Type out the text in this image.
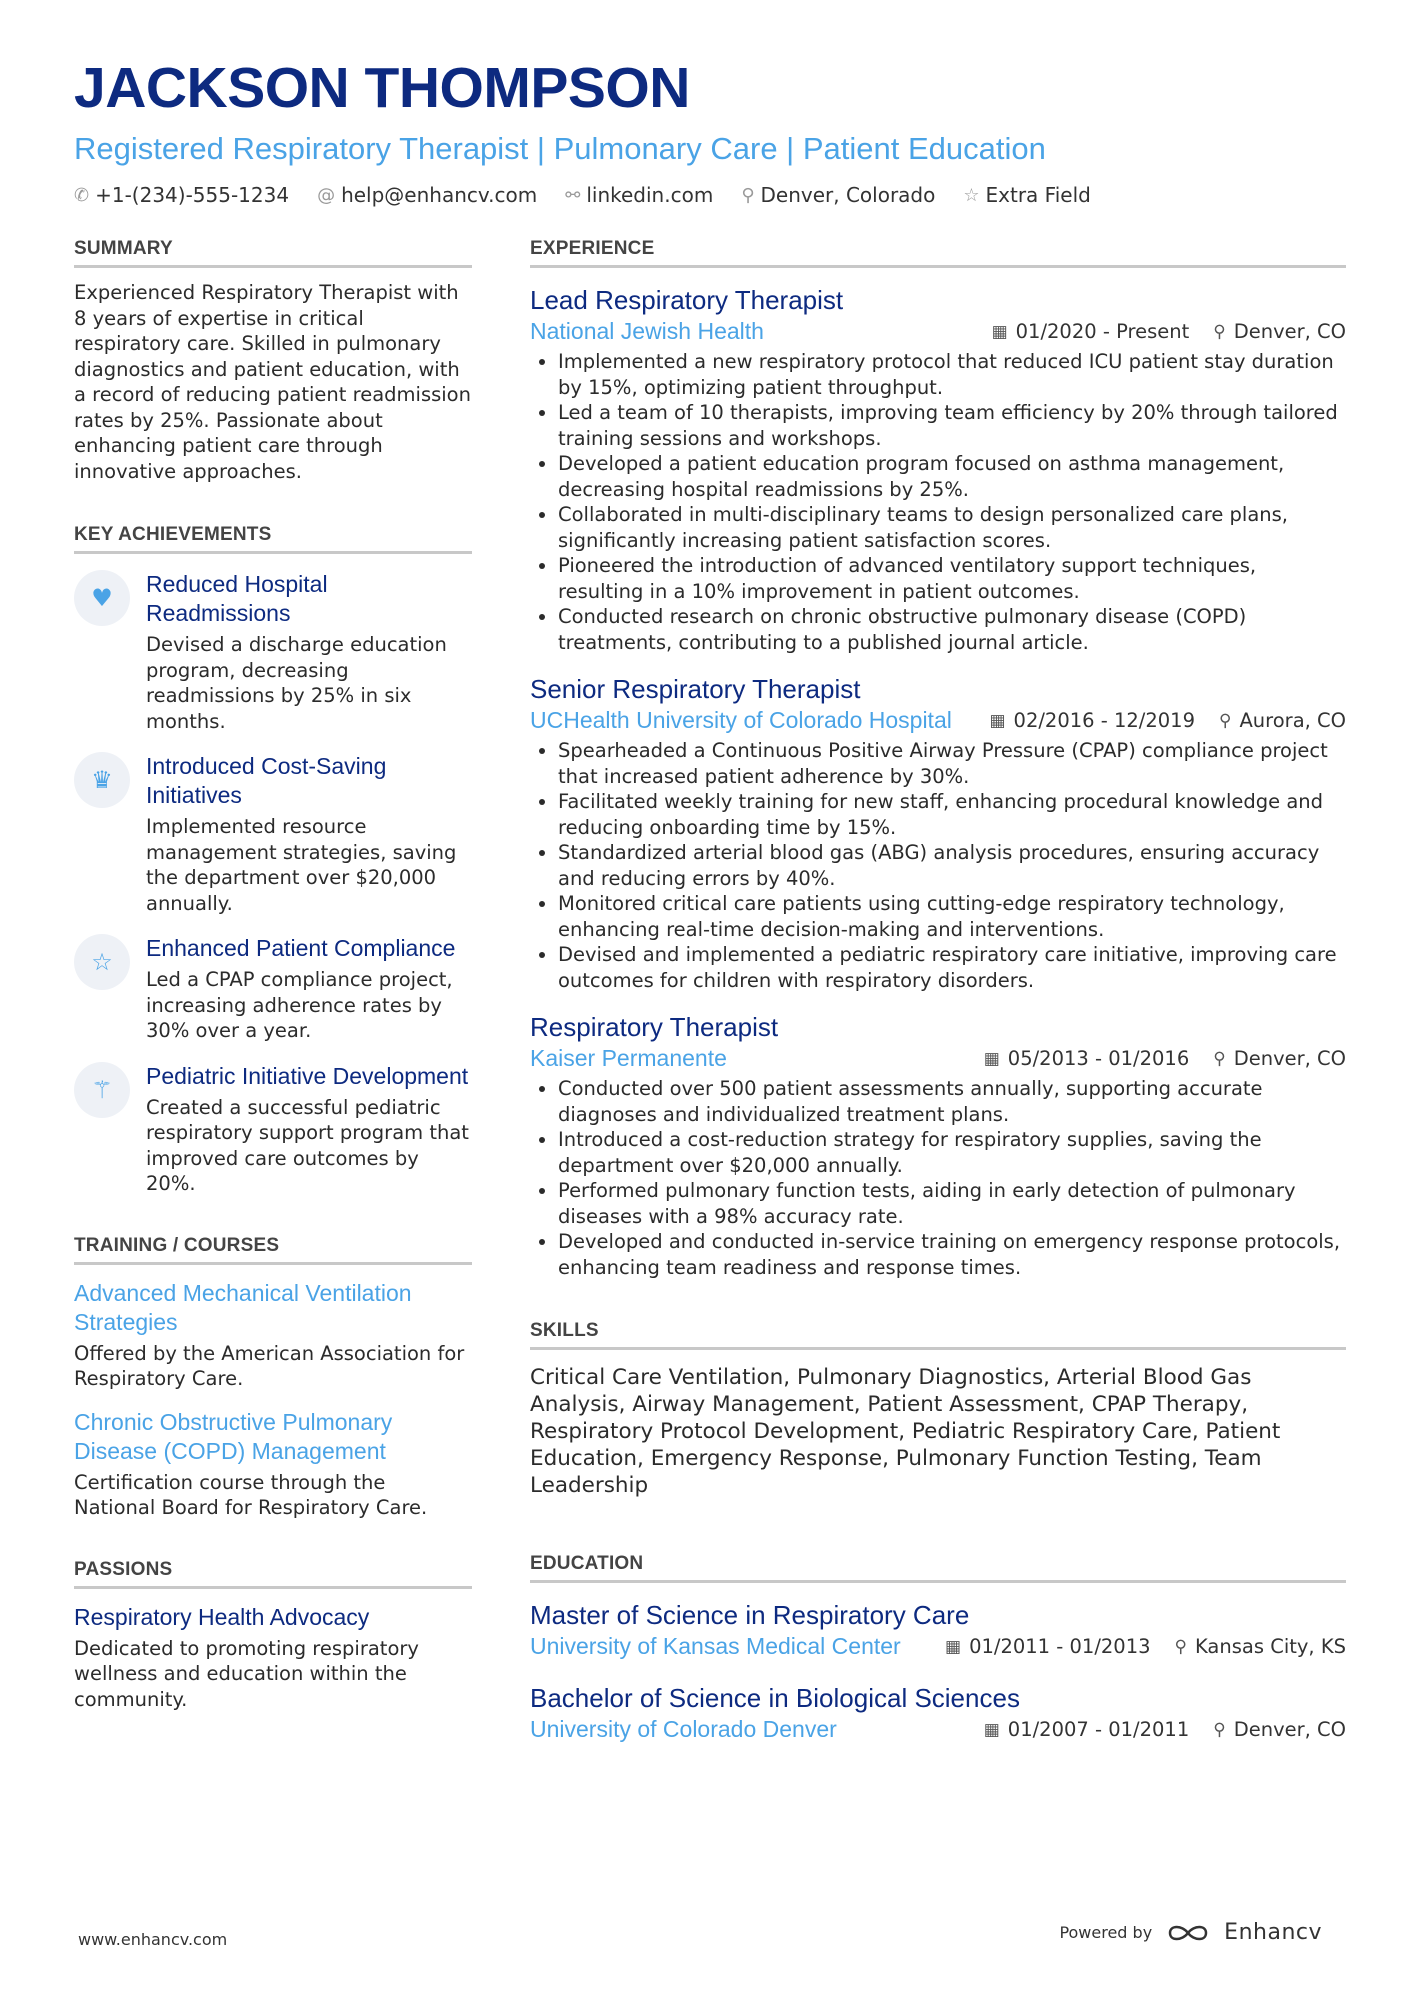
JACKSON THOMPSON
Registered Respiratory Therapist | Pulmonary Care | Patient Education
✆ +1-(234)-555-1234 @ help@enhancv.com ⚯ linkedin.com ⚲ Denver, Colorado ☆ Extra Field
SUMMARY
Experienced Respiratory Therapist with 8 years of expertise in critical respiratory care. Skilled in pulmonary diagnostics and patient education, with a record of reducing patient readmission rates by 25%. Passionate about enhancing patient care through innovative approaches.
KEY ACHIEVEMENTS
♥	Reduced Hospital Readmissions
Devised a discharge education program, decreasing readmissions by 25% in six months.
♛	Introduced Cost-Saving Initiatives
Implemented resource management strategies, saving the department over $20,000 annually.
☆	Enhanced Patient Compliance
Led a CPAP compliance project, increasing adherence rates by 30% over a year.
⚚	Pediatric Initiative Development
Created a successful pediatric respiratory support program that improved care outcomes by 20%.
TRAINING / COURSES
Advanced Mechanical Ventilation Strategies
Offered by the American Association for Respiratory Care.
Chronic Obstructive Pulmonary Disease (COPD) Management
Certification course through the National Board for Respiratory Care.
PASSIONS
Respiratory Health Advocacy
Dedicated to promoting respiratory wellness and education within the community.
EXPERIENCE
Lead Respiratory Therapist
National Jewish Health	▦ 01/2020 - Present ⚲ Denver, CO
• Implemented a new respiratory protocol that reduced ICU patient stay duration by 15%, optimizing patient throughput.
• Led a team of 10 therapists, improving team efficiency by 20% through tailored training sessions and workshops.
• Developed a patient education program focused on asthma management, decreasing hospital readmissions by 25%.
• Collaborated in multi-disciplinary teams to design personalized care plans, significantly increasing patient satisfaction scores.
• Pioneered the introduction of advanced ventilatory support techniques, resulting in a 10% improvement in patient outcomes.
• Conducted research on chronic obstructive pulmonary disease (COPD) treatments, contributing to a published journal article.
Senior Respiratory Therapist
UCHealth University of Colorado Hospital ▦ 02/2016 - 12/2019 ⚲ Aurora, CO
• Spearheaded a Continuous Positive Airway Pressure (CPAP) compliance project that increased patient adherence by 30%.
• Facilitated weekly training for new staff, enhancing procedural knowledge and reducing onboarding time by 15%.
• Standardized arterial blood gas (ABG) analysis procedures, ensuring accuracy and reducing errors by 40%.
• Monitored critical care patients using cutting-edge respiratory technology, enhancing real-time decision-making and interventions.
• Devised and implemented a pediatric respiratory care initiative, improving care outcomes for children with respiratory disorders.
Respiratory Therapist
Kaiser Permanente	▦ 05/2013 - 01/2016 ⚲ Denver, CO
• Conducted over 500 patient assessments annually, supporting accurate diagnoses and individualized treatment plans.
• Introduced a cost-reduction strategy for respiratory supplies, saving the department over $20,000 annually.
• Performed pulmonary function tests, aiding in early detection of pulmonary diseases with a 98% accuracy rate.
• Developed and conducted in-service training on emergency response protocols, enhancing team readiness and response times.
SKILLS
Critical Care Ventilation, Pulmonary Diagnostics, Arterial Blood Gas Analysis, Airway Management, Patient Assessment, CPAP Therapy, Respiratory Protocol Development, Pediatric Respiratory Care, Patient Education, Emergency Response, Pulmonary Function Testing, Team Leadership
EDUCATION
Master of Science in Respiratory Care
University of Kansas Medical Center	▦ 01/2011 - 01/2013 ⚲ Kansas City, KS
Bachelor of Science in Biological Sciences
University of Colorado Denver	▦ 01/2007 - 01/2011 ⚲ Denver, CO
www.enhancv.com	Powered by	Enhancv
